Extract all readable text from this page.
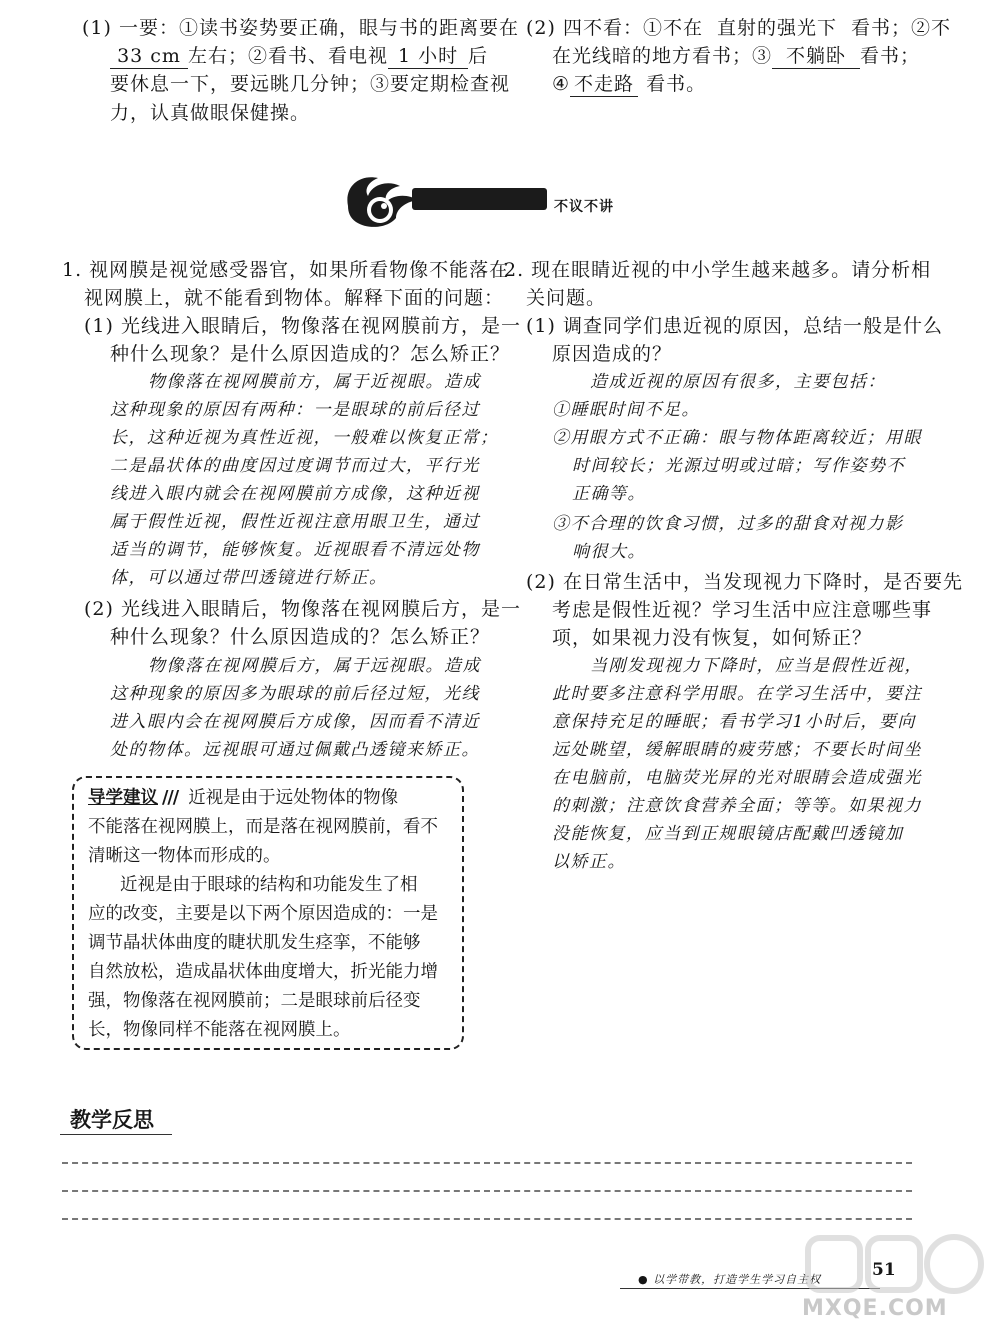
(1) 一要：①读书姿势要正确，眼与书的距离要在
33 cm 左右；②看书、看电视 1 小时 后
要休息一下，要远眺几分钟；③要定期检查视
力，认真做眼保健操。
(2) 四不看：①不在 直射的强光下 看书；②不
在光线暗的地方看书；③ 不躺卧 看书；
④ 不走路 看书。
不议不讲
1. 视网膜是视觉感受器官，如果所看物像不能落在
视网膜上，就不能看到物体。解释下面的问题：
(1) 光线进入眼睛后，物像落在视网膜前方，是一
种什么现象？是什么原因造成的？怎么矫正？
物像落在视网膜前方，属于近视眼。造成
这种现象的原因有两种：一是眼球的前后径过
长，这种近视为真性近视，一般难以恢复正常；
二是晶状体的曲度因过度调节而过大，平行光
线进入眼内就会在视网膜前方成像，这种近视
属于假性近视，假性近视注意用眼卫生，通过
适当的调节，能够恢复。近视眼看不清远处物
体，可以通过带凹透镜进行矫正。
(2) 光线进入眼睛后，物像落在视网膜后方，是一
种什么现象？什么原因造成的？怎么矫正？
物像落在视网膜后方，属于远视眼。造成
这种现象的原因多为眼球的前后径过短，光线
进入眼内会在视网膜后方成像，因而看不清近
处的物体。远视眼可通过佩戴凸透镜来矫正。
导学建议 /// 近视是由于远处物体的物像
不能落在视网膜上，而是落在视网膜前，看不
清晰这一物体而形成的。
近视是由于眼球的结构和功能发生了相
应的改变，主要是以下两个原因造成的：一是
调节晶状体曲度的睫状肌发生痉挛，不能够
自然放松，造成晶状体曲度增大，折光能力增
强，物像落在视网膜前；二是眼球前后径变
长，物像同样不能落在视网膜上。
2. 现在眼睛近视的中小学生越来越多。请分析相
关问题。
(1) 调查同学们患近视的原因，总结一般是什么
原因造成的？
造成近视的原因有很多，主要包括：
①睡眠时间不足。
②用眼方式不正确：眼与物体距离较近；用眼
时间较长；光源过明或过暗；写作姿势不
正确等。
③不合理的饮食习惯，过多的甜食对视力影
响很大。
(2) 在日常生活中，当发现视力下降时，是否要先
考虑是假性近视？学习生活中应注意哪些事
项，如果视力没有恢复，如何矫正？
当刚发现视力下降时，应当是假性近视，
此时要多注意科学用眼。在学习生活中，要注
意保持充足的睡眠；看书学习1小时后，要向
远处眺望，缓解眼睛的疲劳感；不要长时间坐
在电脑前，电脑荧光屏的光对眼睛会造成强光
的刺激；注意饮食营养全面；等等。如果视力
没能恢复，应当到正规眼镜店配戴凹透镜加
以矫正。
教学反思
● 以学带教，打造学生学习自主权	51
MXQE.COM
